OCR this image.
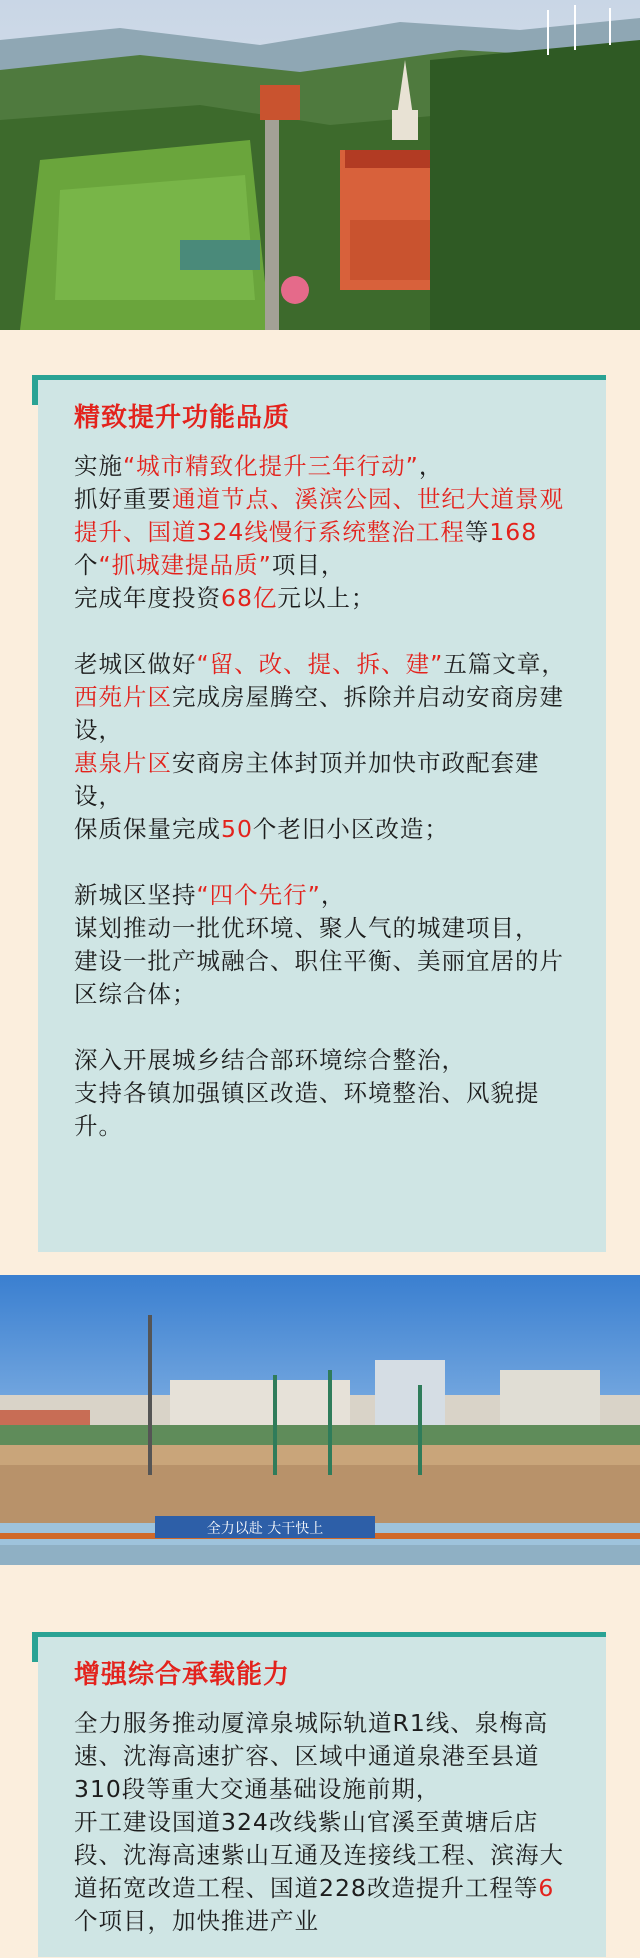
精致提升功能品质

实施“城市精致化提升三年行动”，
抓好重要通道节点、溪滨公园、世纪大道景观提升、国道324线慢行系统整治工程等168个“抓城建提品质”项目，
完成年度投资68亿元以上；

老城区做好“留、改、提、拆、建”五篇文章，
西苑片区完成房屋腾空、拆除并启动安商房建设，
惠泉片区安商房主体封顶并加快市政配套建设，
保质保量完成50个老旧小区改造；

新城区坚持“四个先行”，
谋划推动一批优环境、聚人气的城建项目，
建设一批产城融合、职住平衡、美丽宜居的片区综合体；

深入开展城乡结合部环境综合整治，
支持各镇加强镇区改造、环境整治、风貌提升。

全力以赴 大干快上
增强综合承载能力

全力服务推动厦漳泉城际轨道R1线、泉梅高速、沈海高速扩容、区域中通道泉港至县道310段等重大交通基础设施前期，
开工建设国道324改线紫山官溪至黄塘后店段、沈海高速紫山互通及连接线工程、滨海大道拓宽改造工程、国道228改造提升工程等6个项目，加快推进产业
